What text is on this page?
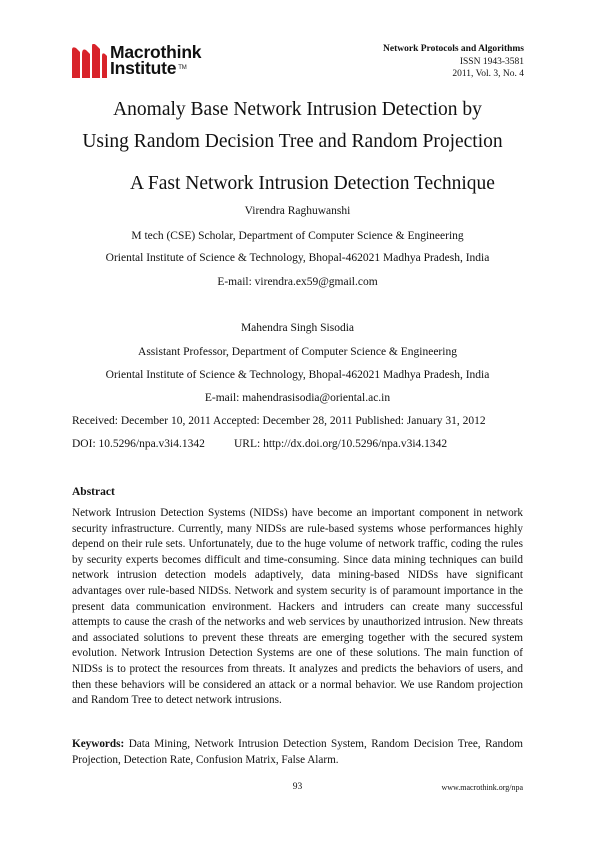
Macrothink
Institute ™
Network Protocols and Algorithms
ISSN 1943-3581
2011, Vol. 3, No. 4
Anomaly Base Network Intrusion Detection by
Using Random Decision Tree and Random Projection
A Fast Network Intrusion Detection Technique
Virendra Raghuwanshi
M tech (CSE) Scholar, Department of Computer Science & Engineering
Oriental Institute of Science & Technology, Bhopal-462021 Madhya Pradesh, India
E-mail: virendra.ex59@gmail.com
Mahendra Singh Sisodia
Assistant Professor, Department of Computer Science & Engineering
Oriental Institute of Science & Technology, Bhopal-462021 Madhya Pradesh, India
E-mail: mahendrasisodia@oriental.ac.in
Received: December 10, 2011 Accepted: December 28, 2011 Published: January 31, 2012
DOI: 10.5296/npa.v3i4.1342	URL: http://dx.doi.org/10.5296/npa.v3i4.1342
Abstract
Network Intrusion Detection Systems (NIDSs) have become an important component in network security infrastructure. Currently, many NIDSs are rule-based systems whose performances highly depend on their rule sets. Unfortunately, due to the huge volume of network traffic, coding the rules by security experts becomes difficult and time-consuming. Since data mining techniques can build network intrusion detection models adaptively, data mining-based NIDSs have significant advantages over rule-based NIDSs. Network and system security is of paramount importance in the present data communication environment. Hackers and intruders can create many successful attempts to cause the crash of the networks and web services by unauthorized intrusion. New threats and associated solutions to prevent these threats are emerging together with the secured system evolution. Network Intrusion Detection Systems are one of these solutions. The main function of NIDSs is to protect the resources from threats. It analyzes and predicts the behaviors of users, and then these behaviors will be considered an attack or a normal behavior. We use Random projection and Random Tree to detect network intrusions.
Keywords: Data Mining, Network Intrusion Detection System, Random Decision Tree, Random Projection, Detection Rate, Confusion Matrix, False Alarm.
93	www.macrothink.org/npa
